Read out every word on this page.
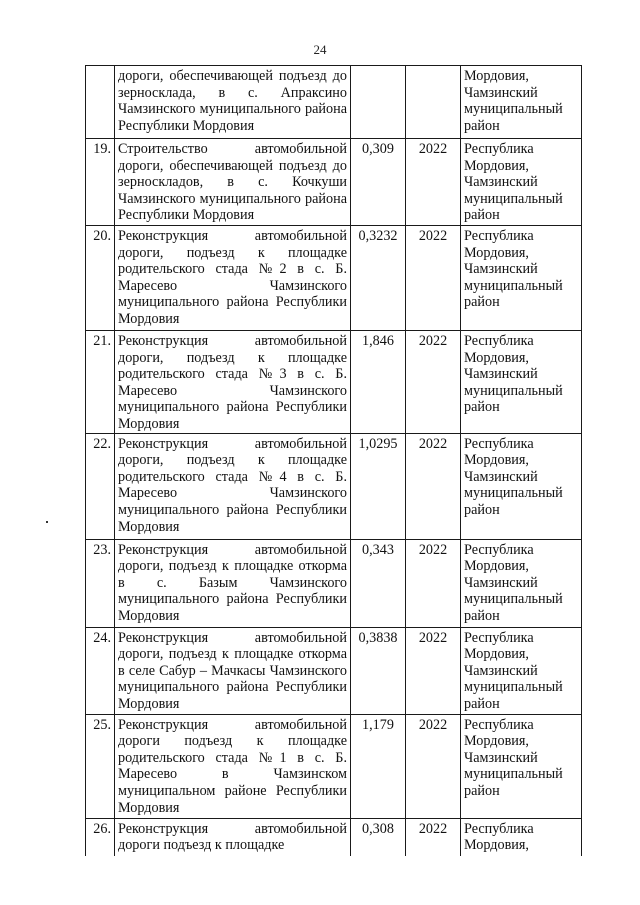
24
	дороги, обеспечивающей подъезд до зерносклада, в с. Апраксино Чамзинского муниципального района Республики Мордовия			Мордовия, Чамзинский муниципальный район
19.	Строительство автомобильной дороги, обеспечивающей подъезд до зерноскладов, в с. Кочкуши Чамзинского муниципального района Республики Мордовия	0,309	2022	Республика Мордовия, Чамзинский муниципальный район
20.	Реконструкция автомобильной дороги, подъезд к площадке родительского стада №2 в с. Б. Маресево Чамзинского муниципального района Республики Мордовия	0,3232	2022	Республика Мордовия, Чамзинский муниципальный район
21.	Реконструкция автомобильной дороги, подъезд к площадке родительского стада №3 в с. Б. Маресево Чамзинского муниципального района Республики Мордовия	1,846	2022	Республика Мордовия, Чамзинский муниципальный район
22.	Реконструкция автомобильной дороги, подъезд к площадке родительского стада №4 в с. Б. Маресево Чамзинского муниципального района Республики Мордовия	1,0295	2022	Республика Мордовия, Чамзинский муниципальный район
23.	Реконструкция автомобильной дороги, подъезд к площадке откорма в с. Базым Чамзинского муниципального района Республики Мордовия	0,343	2022	Республика Мордовия, Чамзинский муниципальный район
24.	Реконструкция автомобильной дороги, подъезд к площадке откорма в селе Сабур – Мачкасы Чамзинского муниципального района Республики Мордовия	0,3838	2022	Республика Мордовия, Чамзинский муниципальный район
25.	Реконструкция автомобильной дороги подъезд к площадке родительского стада №1 в с. Б. Маресево в Чамзинском муниципальном районе Республики Мордовия	1,179	2022	Республика Мордовия, Чамзинский муниципальный район
26.	Реконструкция автомобильной дороги подъезд к площадке	0,308	2022	Республика Мордовия,
